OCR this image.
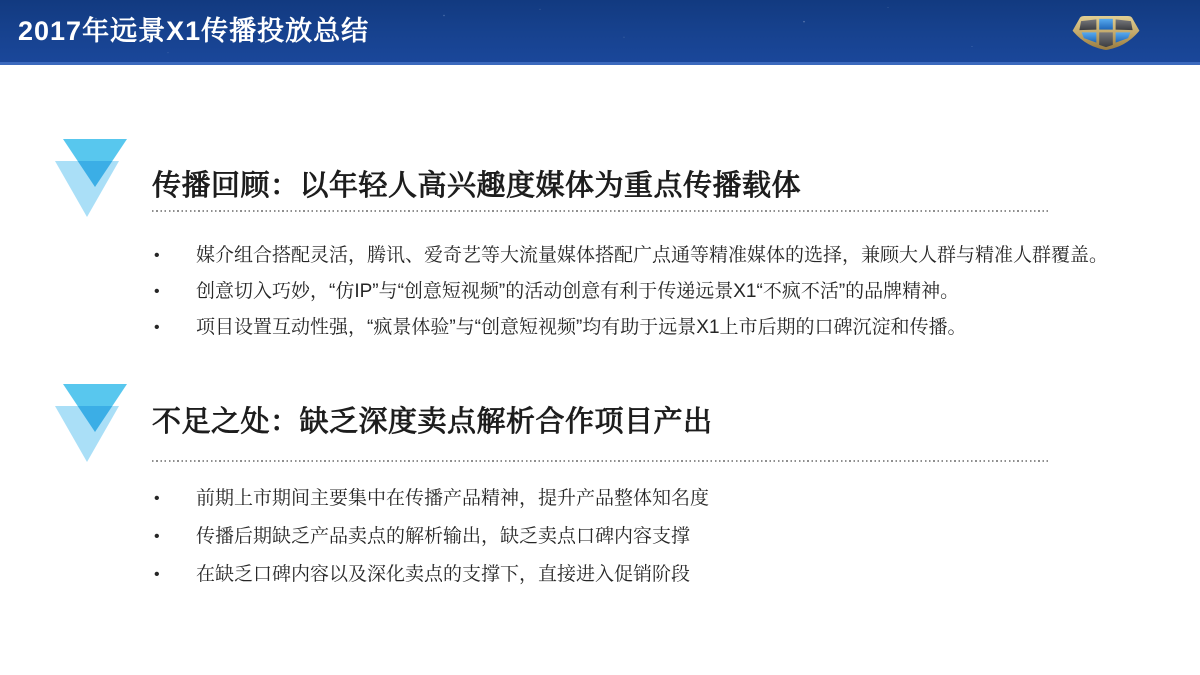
2017年远景X1传播投放总结
传播回顾：以年轻人高兴趣度媒体为重点传播载体
• 媒介组合搭配灵活，腾讯、爱奇艺等大流量媒体搭配广点通等精准媒体的选择，兼顾大人群与精准人群覆盖。
• 创意切入巧妙，“仿IP”与“创意短视频”的活动创意有利于传递远景X1“不疯不活”的品牌精神。
• 项目设置互动性强，“疯景体验”与“创意短视频”均有助于远景X1上市后期的口碑沉淀和传播。
不足之处：缺乏深度卖点解析合作项目产出
• 前期上市期间主要集中在传播产品精神，提升产品整体知名度
• 传播后期缺乏产品卖点的解析输出，缺乏卖点口碑内容支撑
• 在缺乏口碑内容以及深化卖点的支撑下，直接进入促销阶段
